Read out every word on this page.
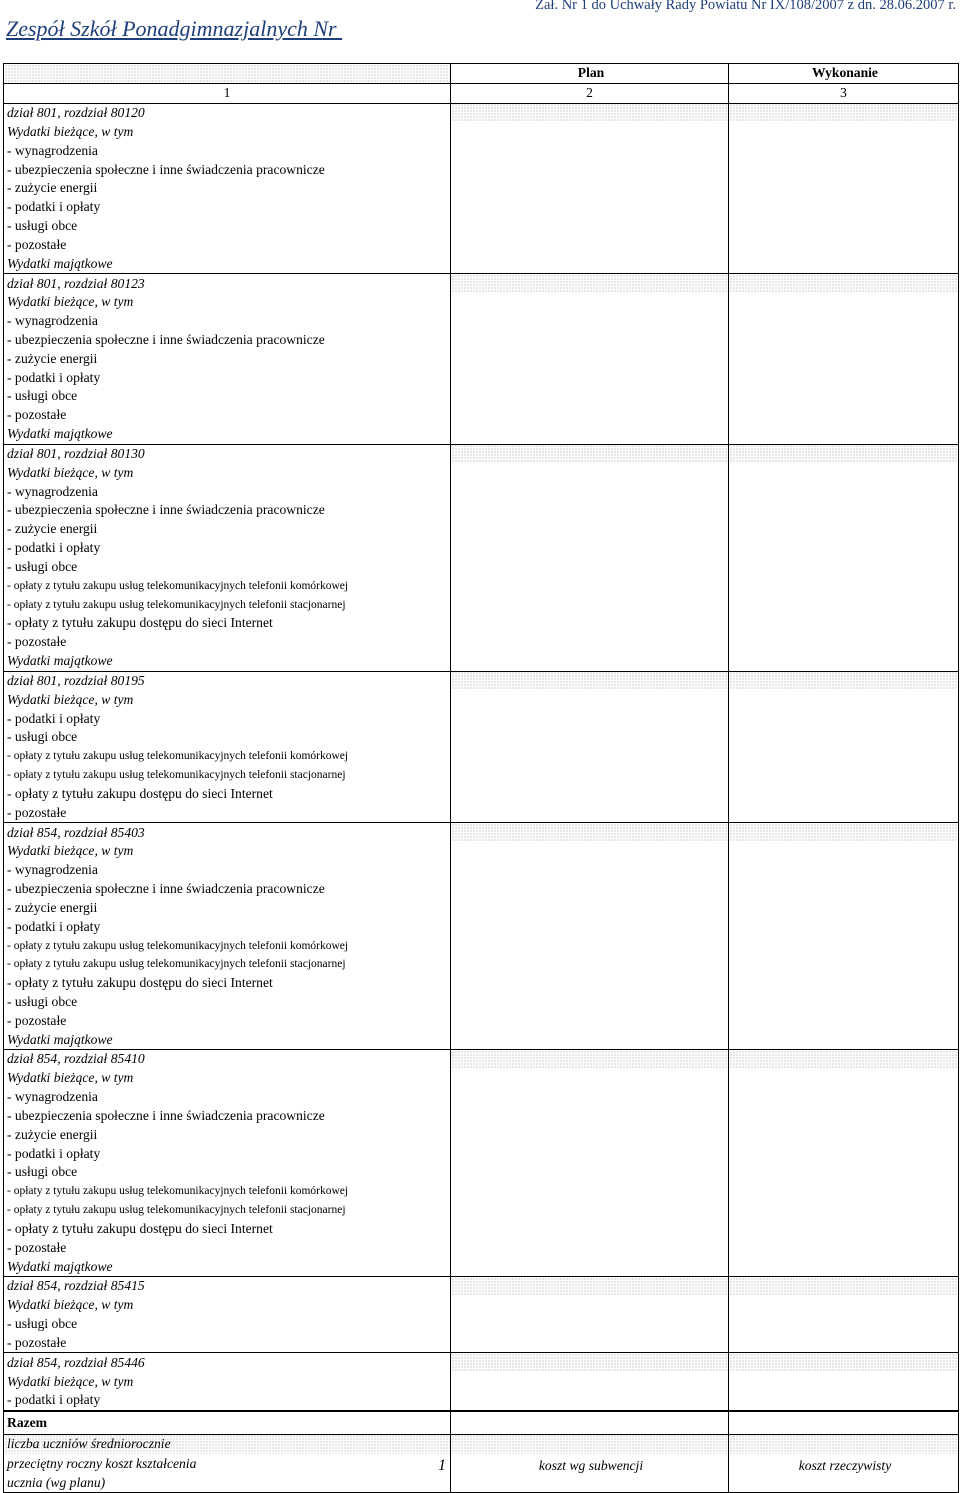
Zespół Szkół Ponadgimnazjalnych Nr
Zał. Nr 1 do Uchwały Rady Powiatu Nr IX/108/2007 z dn. 28.06.2007 r.
	Plan	Wykonanie
1	2	3
dział 801, rozdział 80120		
Wydatki bieżące, w tym		
- wynagrodzenia		
- ubezpieczenia społeczne i inne świadczenia pracownicze		
- zużycie energii		
- podatki i opłaty		
- usługi obce		
- pozostałe		
Wydatki majątkowe		
dział 801, rozdział 80123		
Wydatki bieżące, w tym		
- wynagrodzenia		
- ubezpieczenia społeczne i inne świadczenia pracownicze		
- zużycie energii		
- podatki i opłaty		
- usługi obce		
- pozostałe		
Wydatki majątkowe		
dział 801, rozdział 80130		
Wydatki bieżące, w tym		
- wynagrodzenia		
- ubezpieczenia społeczne i inne świadczenia pracownicze		
- zużycie energii		
- podatki i opłaty		
- usługi obce		
- opłaty z tytułu zakupu usług telekomunikacyjnych telefonii komórkowej		
- opłaty z tytułu zakupu usług telekomunikacyjnych telefonii stacjonarnej		
- opłaty z tytułu zakupu dostępu do sieci Internet		
- pozostałe		
Wydatki majątkowe		
dział 801, rozdział 80195		
Wydatki bieżące, w tym		
- podatki i opłaty		
- usługi obce		
- opłaty z tytułu zakupu usług telekomunikacyjnych telefonii komórkowej		
- opłaty z tytułu zakupu usług telekomunikacyjnych telefonii stacjonarnej		
- opłaty z tytułu zakupu dostępu do sieci Internet		
- pozostałe		
dział 854, rozdział 85403		
Wydatki bieżące, w tym		
- wynagrodzenia		
- ubezpieczenia społeczne i inne świadczenia pracownicze		
- zużycie energii		
- podatki i opłaty		
- opłaty z tytułu zakupu usług telekomunikacyjnych telefonii komórkowej		
- opłaty z tytułu zakupu usług telekomunikacyjnych telefonii stacjonarnej		
- opłaty z tytułu zakupu dostępu do sieci Internet		
- usługi obce		
- pozostałe		
Wydatki majątkowe		
dział 854, rozdział 85410		
Wydatki bieżące, w tym		
- wynagrodzenia		
- ubezpieczenia społeczne i inne świadczenia pracownicze		
- zużycie energii		
- podatki i opłaty		
- usługi obce		
- opłaty z tytułu zakupu usług telekomunikacyjnych telefonii komórkowej		
- opłaty z tytułu zakupu usług telekomunikacyjnych telefonii stacjonarnej		
- opłaty z tytułu zakupu dostępu do sieci Internet		
- pozostałe		
Wydatki majątkowe		
dział 854, rozdział 85415		
Wydatki bieżące, w tym		
- usługi obce		
- pozostałe		
dział 854, rozdział 85446		
Wydatki bieżące, w tym		
- podatki i opłaty		
Razem		
liczba uczniów średniorocznie		

przeciętny roczny koszt kształcenia
ucznia (wg planu)
1	koszt wg subwencji	koszt rzeczywisty
